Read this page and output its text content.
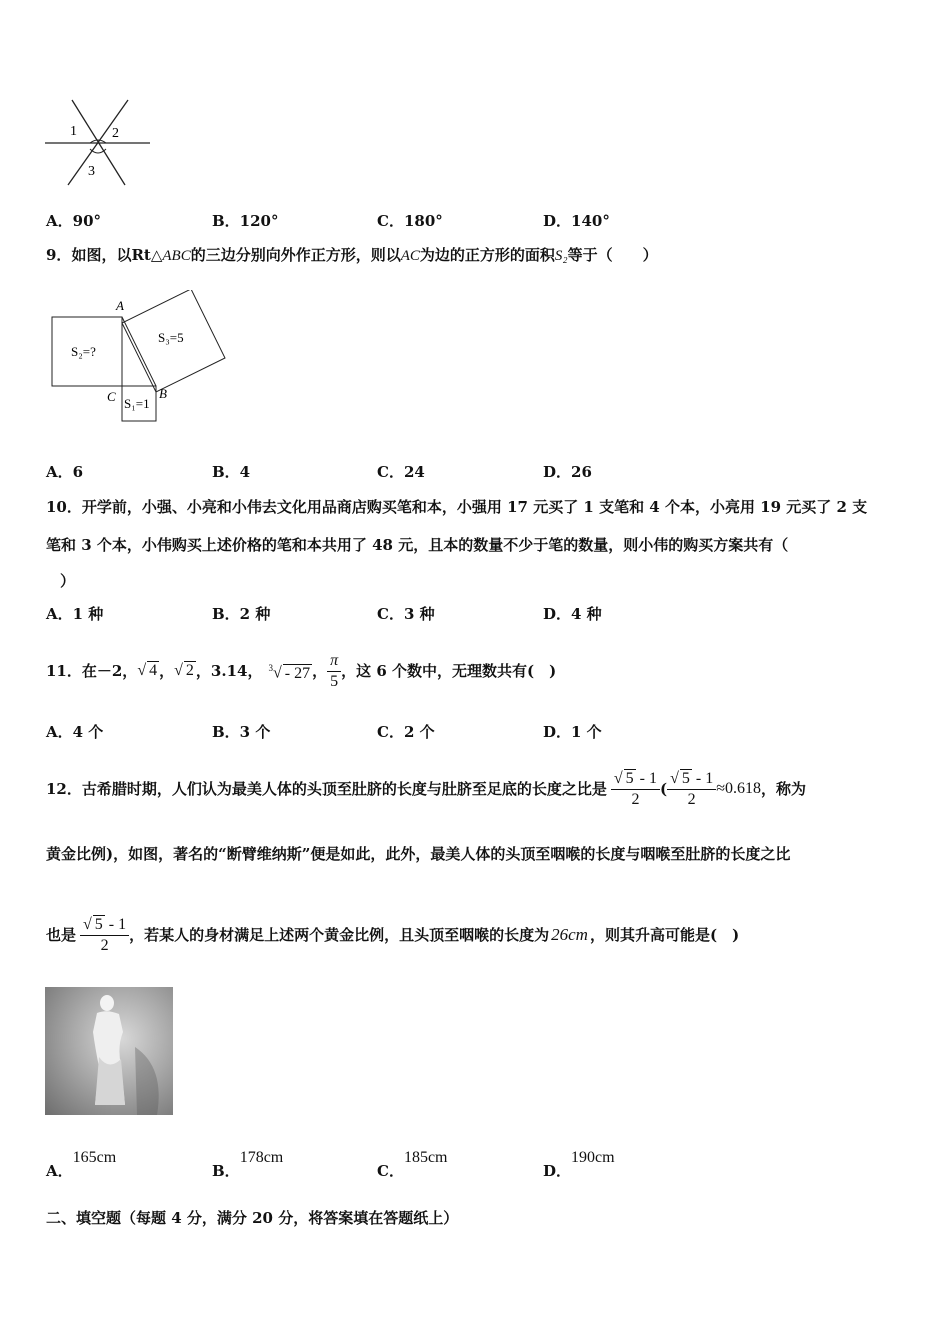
1	2
3
A．90°	B．120°	C．180°	D．140°
9．如图，以Rt△ABC的三边分别向外作正方形，则以AC为边的正方形的面积S₂等于（　　）
A
B
C
S₂=?
S₃=5
S₁=1
A．6	B．4	C．24	D．26
10．开学前，小强、小亮和小伟去文化用品商店购买笔和本，小强用 17 元买了 1 支笔和 4 个本，小亮用 19 元买了 2 支
笔和 3 个本，小伟购买上述价格的笔和本共用了 48 元，且本的数量不少于笔的数量，则小伟的购买方案共有（
）
A．1 种	B．2 种	C．3 种	D．4 种
11．在－2， √ 4 ， √ 2 ， 3.14， $^3$√ - 27 ， $\frac{\pi}{5}$ ，这 6 个数中，无理数共有(　)
A．4 个	B．3 个	C．2 个	D．1 个
12．古希腊时期，人们认为最美人体的头顶至肚脐的长度与肚脐至足底的长度之比是 $\frac{√ 5 - 1}{2}$ ( $\frac{√ 5 - 1}{2} \approx 0.618$ ，称为
黄金比例)，如图，著名的“断臂维纳斯”便是如此，此外，最美人体的头顶至咽喉的长度与咽喉至肚脐的长度之比
也是 $\frac{√ 5 - 1}{2}$ ，若某人的身材满足上述两个黄金比例，且头顶至咽喉的长度为 26cm ，则其升高可能是(　)
A．165cm
B．178cm
C．185cm
D．190cm
二、填空题（每题 4 分，满分 20 分，将答案填在答题纸上）
